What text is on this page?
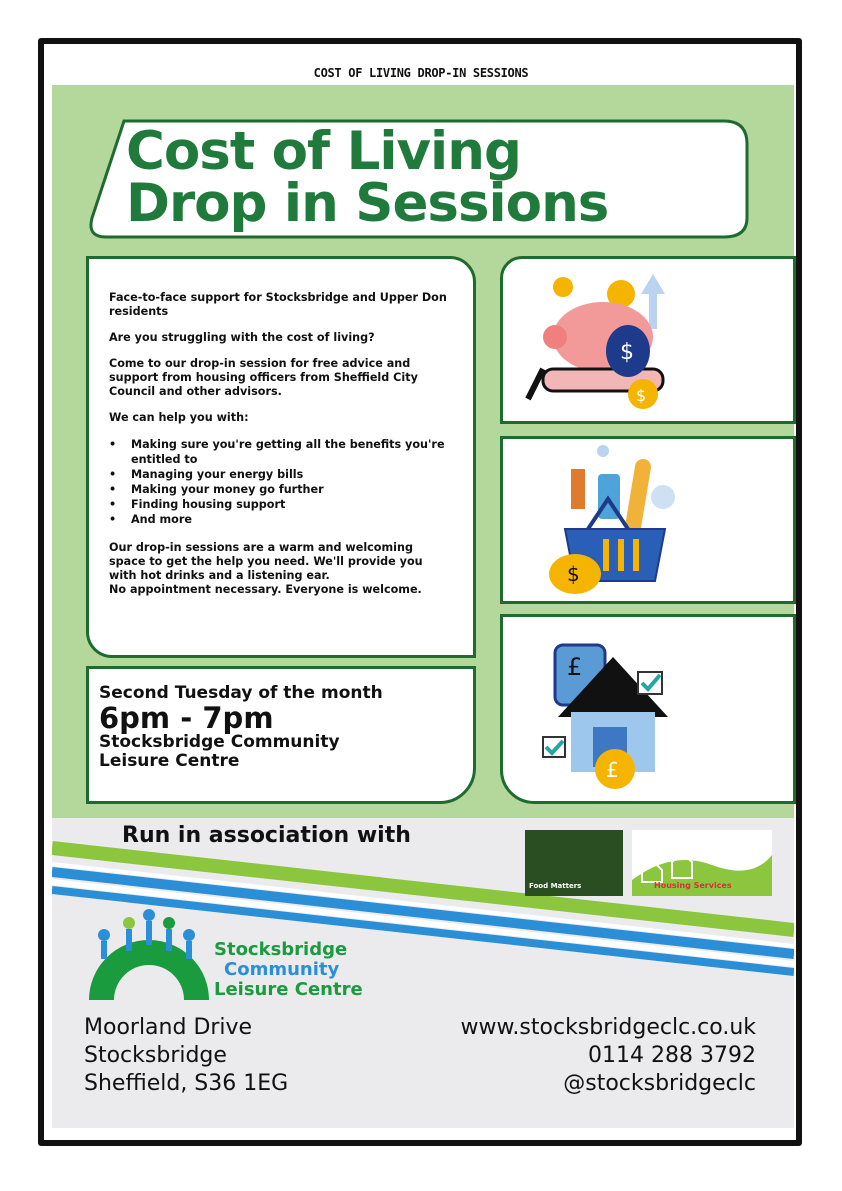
COST OF LIVING DROP-IN SESSIONS
Cost of Living
Drop in Sessions

Face-to-face support for Stocksbridge and Upper Don residents

Are you struggling with the cost of living?

Come to our drop-in session for free advice and support from housing officers from Sheffield City Council and other advisors.

We can help you with:

• Making sure you're getting all the benefits you're entitled to
• Managing your energy bills
• Making your money go further
• Finding housing support
• And more

Our drop-in sessions are a warm and welcoming space to get the help you need. We'll provide you with hot drinks and a listening ear.

No appointment necessary. Everyone is welcome.

Second Tuesday of the month
6pm - 7pm
Stocksbridge Community Leisure Centre
$
$
$
£
£
Run in association with
Food Matters	Housing Services
Stocksbridge
Community
Leisure Centre
Moorland Drive
Stocksbridge
Sheffield, S36 1EG
www.stocksbridgeclc.co.uk
0114 288 3792
@stocksbridgeclc
